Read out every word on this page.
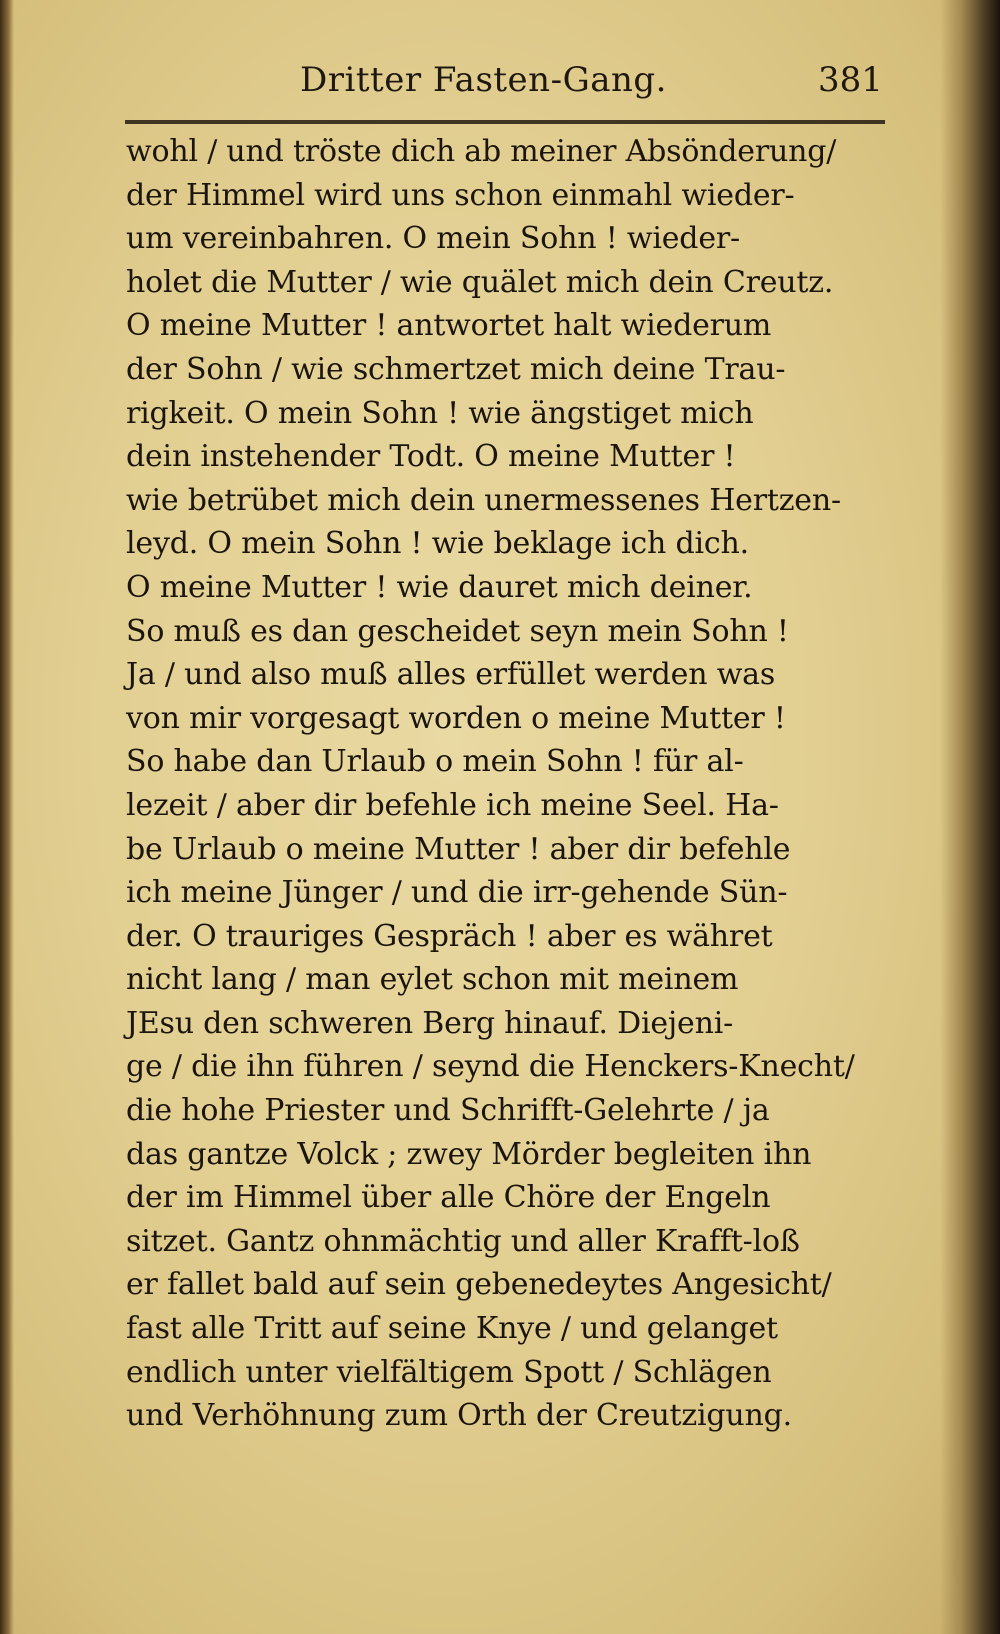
Dritter Fasten-Gang.	381
wohl / und tröste dich ab meiner Absönderung/
der Himmel wird uns schon einmahl wieder-
um vereinbahren. O mein Sohn ! wieder-
holet die Mutter / wie quälet mich dein Creutz.
O meine Mutter ! antwortet halt wiederum
der Sohn / wie schmertzet mich deine Trau-
rigkeit. O mein Sohn ! wie ängstiget mich
dein instehender Todt. O meine Mutter !
wie betrübet mich dein unermessenes Hertzen-
leyd. O mein Sohn ! wie beklage ich dich.
O meine Mutter ! wie dauret mich deiner.
So muß es dan gescheidet seyn mein Sohn !
Ja / und also muß alles erfüllet werden was
von mir vorgesagt worden o meine Mutter !
So habe dan Urlaub o mein Sohn ! für al-
lezeit / aber dir befehle ich meine Seel. Ha-
be Urlaub o meine Mutter ! aber dir befehle
ich meine Jünger / und die irr-gehende Sün-
der. O trauriges Gespräch ! aber es währet
nicht lang / man eylet schon mit meinem
JEsu den schweren Berg hinauf. Diejeni-
ge / die ihn führen / seynd die Henckers-Knecht/
die hohe Priester und Schrifft-Gelehrte / ja
das gantze Volck ; zwey Mörder begleiten ihn
der im Himmel über alle Chöre der Engeln
sitzet. Gantz ohnmächtig und aller Krafft-loß
er fallet bald auf sein gebenedeytes Angesicht/
fast alle Tritt auf seine Knye / und gelanget
endlich unter vielfältigem Spott / Schlägen
und Verhöhnung zum Orth der Creutzigung.
